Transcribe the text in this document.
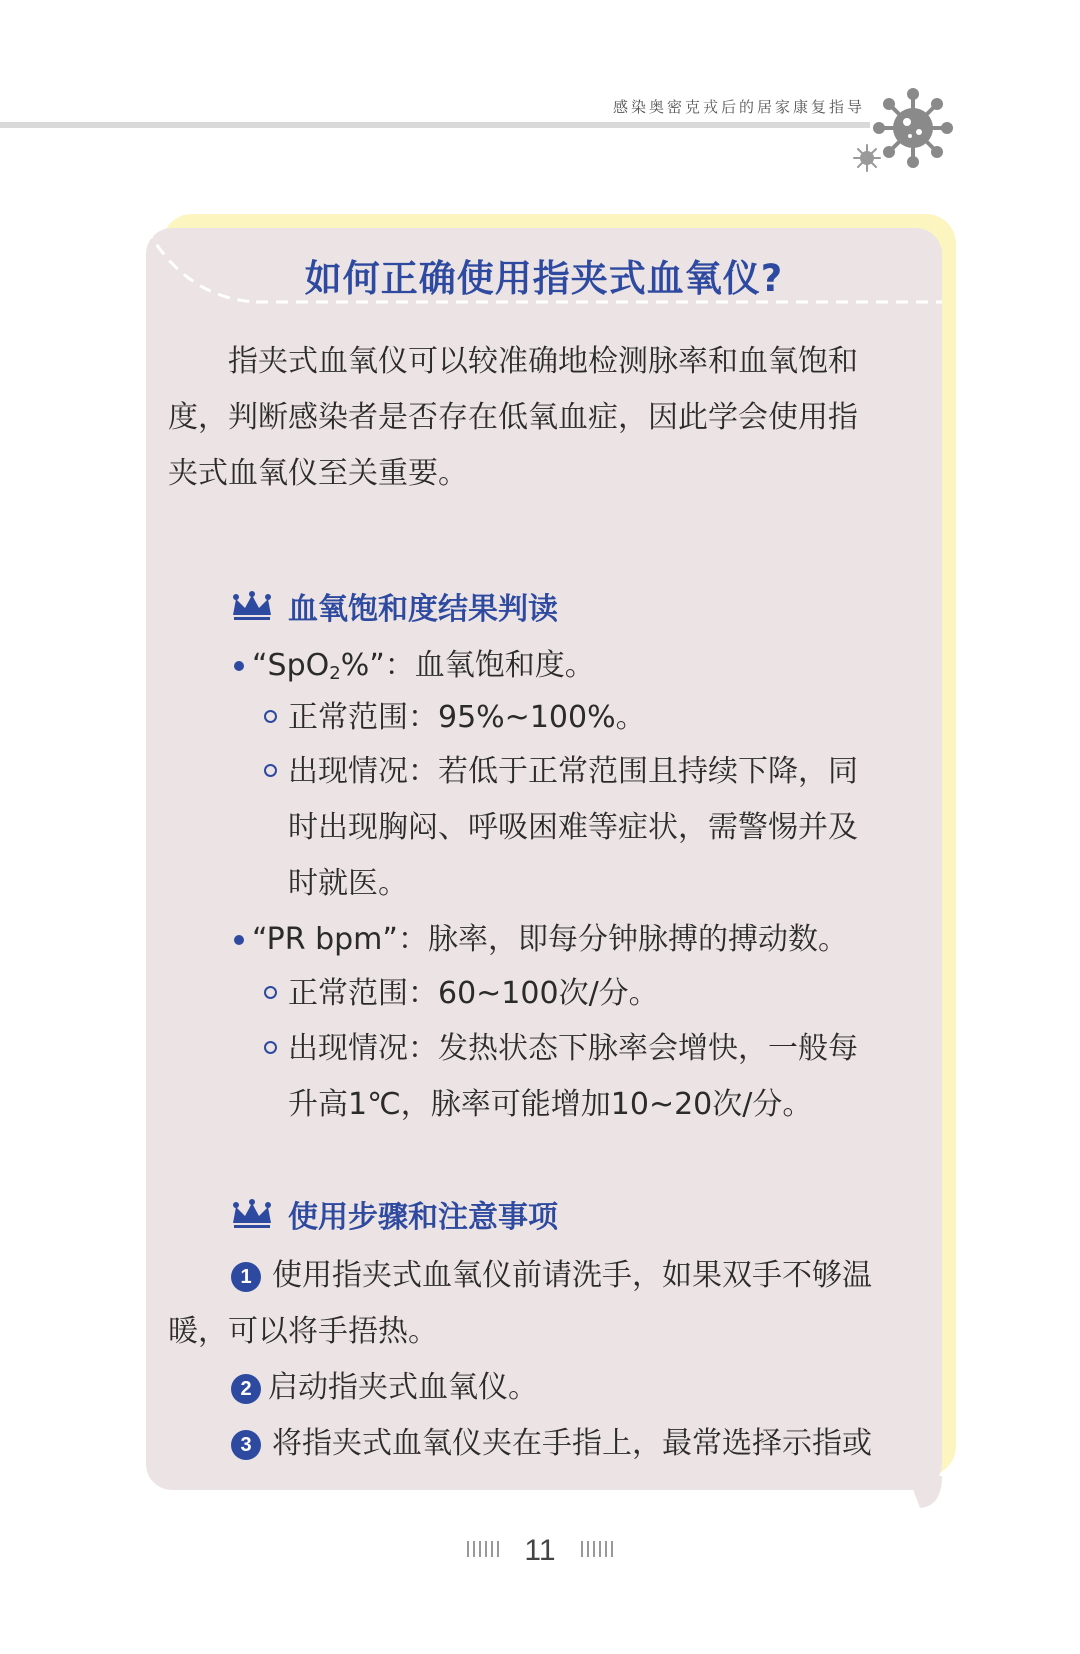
感染奥密克戎后的居家康复指导
如何正确使用指夹式血氧仪?
指夹式血氧仪可以较准确地检测脉率和血氧饱和
度，判断感染者是否存在低氧血症，因此学会使用指
夹式血氧仪至关重要。
血氧饱和度结果判读
“SpO$_2$%”：血氧饱和度。
正常范围：95%~100%。
出现情况：若低于正常范围且持续下降，同
时出现胸闷、呼吸困难等症状，需警惕并及
时就医。
“PR bpm”：脉率，即每分钟脉搏的搏动数。
正常范围：60~100次/分。
出现情况：发热状态下脉率会增快，一般每
升高1℃，脉率可能增加10~20次/分。
使用步骤和注意事项
1 使用指夹式血氧仪前请洗手，如果双手不够温
暖，可以将手捂热。
2 启动指夹式血氧仪。
3 将指夹式血氧仪夹在手指上，最常选择示指或
11
